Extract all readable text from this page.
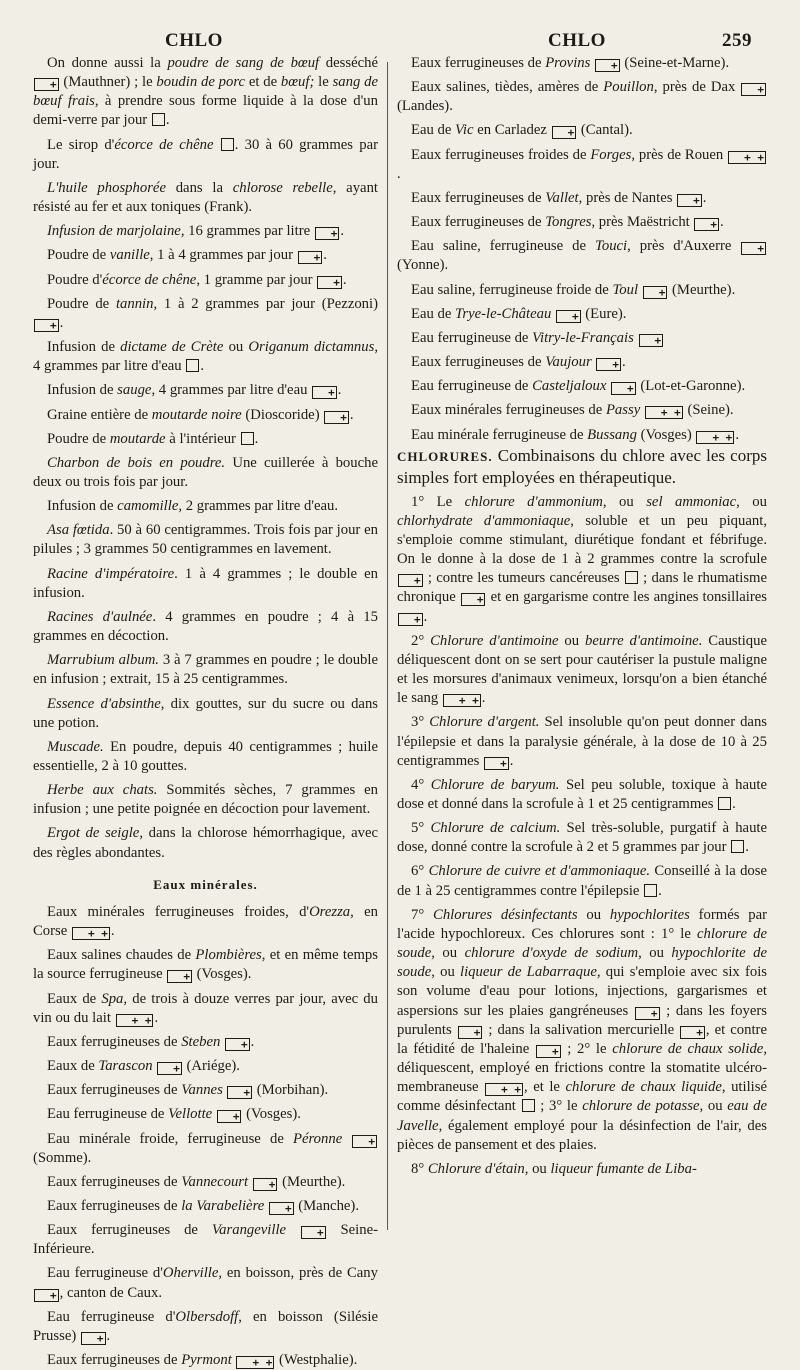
CHLO	CHLO	259

On donne aussi la poudre de sang de bœuf desséché + (Mauthner) ; le boudin de porc et de bœuf; le sang de bœuf frais, à prendre sous forme liquide à la dose d'un demi-verre par jour .

Le sirop d'écorce de chêne . 30 à 60 grammes par jour.

L'huile phosphorée dans la chlorose rebelle, ayant résisté au fer et aux toniques (Frank).

Infusion de marjolaine, 16 grammes par litre +.

Poudre de vanille, 1 à 4 grammes par jour +.

Poudre d'écorce de chêne, 1 gramme par jour +.

Poudre de tannin, 1 à 2 grammes par jour (Pezzoni) +.

Infusion de dictame de Crète ou Origanum dictamnus, 4 grammes par litre d'eau .

Infusion de sauge, 4 grammes par litre d'eau +.

Graine entière de moutarde noire (Dioscoride) +.

Poudre de moutarde à l'intérieur .

Charbon de bois en poudre. Une cuillerée à bouche deux ou trois fois par jour.

Infusion de camomille, 2 grammes par litre d'eau.

Asa fœtida. 50 à 60 centigrammes. Trois fois par jour en pilules ; 3 grammes 50 centigrammes en lavement.

Racine d'impératoire. 1 à 4 grammes ; le double en infusion.

Racines d'aulnée. 4 grammes en poudre ; 4 à 15 grammes en décoction.

Marrubium album. 3 à 7 grammes en poudre ; le double en infusion ; extrait, 15 à 25 centigrammes.

Essence d'absinthe, dix gouttes, sur du sucre ou dans une potion.

Muscade. En poudre, depuis 40 centigrammes ; huile essentielle, 2 à 10 gouttes.

Herbe aux chats. Sommités sèches, 7 grammes en infusion ; une petite poignée en décoction pour lavement.

Ergot de seigle, dans la chlorose hémorrhagique, avec des règles abondantes.

Eaux minérales.

Eaux minérales ferrugineuses froides, d'Orezza, en Corse + +	.

Eaux salines chaudes de Plombières, et en même temps la source ferrugineuse + (Vosges).

Eaux de Spa, de trois à douze verres par jour, avec du vin ou du lait + +	.

Eaux ferrugineuses de Steben + .

Eaux de Tarascon + (Ariége).

Eaux ferrugineuses de Vannes + (Morbihan).

Eau ferrugineuse de Vellotte + (Vosges).

Eau minérale froide, ferrugineuse de Péronne + (Somme).

Eaux ferrugineuses de Vannecourt + (Meurthe).

Eaux ferrugineuses de la Varabelière + (Manche).

Eaux ferrugineuses de Varangeville +	Seine-Inférieure.

Eau ferrugineuse d'Oherville, en boisson, près de Cany +, canton de Caux.

Eau ferrugineuse d'Olbersdoff, en boisson (Silésie Prusse) +.

Eaux ferrugineuses de Pyrmont + +	(Westphalie).

Eaux ferrugineuses de Provins + (Seine-et-Marne).

Eaux salines, tièdes, amères de Pouillon, près de Dax + (Landes).

Eau de Vic en Carladez + (Cantal).

Eaux ferrugineuses froides de Forges, près de Rouen + +.

Eaux ferrugineuses de Vallet, près de Nantes +.

Eaux ferrugineuses de Tongres, près Maëstricht +.

Eau saline, ferrugineuse de Touci, près d'Auxerre + (Yonne).

Eau saline, ferrugineuse froide de Toul + (Meurthe).

Eau de Trye-le-Château + (Eure).

Eau ferrugineuse de Vitry-le-Français +

Eaux ferrugineuses de Vaujour + .

Eau ferrugineuse de Casteljaloux + (Lot-et-Garonne).

Eaux minérales ferrugineuses de Passy + +	(Seine).

Eau minérale ferrugineuse de Bussang (Vosges) + +	.

CHLORURES. Combinaisons du chlore avec les corps simples fort employées en thérapeutique.

1° Le chlorure d'ammonium, ou sel ammoniac, ou chlorhydrate d'ammoniaque, soluble et un peu piquant, s'emploie comme stimulant, diurétique fondant et fébrifuge. On le donne à la dose de 1 à 2 grammes contre la scrofule + ; contre les tumeurs cancéreuses  ; dans le rhumatisme chronique + et en gargarisme contre les angines tonsillaires +.

2° Chlorure d'antimoine ou beurre d'antimoine. Caustique déliquescent dont on se sert pour cautériser la pustule maligne et les morsures d'animaux venimeux, lorsqu'on a bien étanché le sang + +	.

3° Chlorure d'argent. Sel insoluble qu'on peut donner dans l'épilepsie et dans la paralysie générale, à la dose de 10 à 25 centigrammes +.

4° Chlorure de baryum. Sel peu soluble, toxique à haute dose et donné dans la scrofule à 1 et 25 centigrammes .

5° Chlorure de calcium. Sel très-soluble, purgatif à haute dose, donné contre la scrofule à 2 et 5 grammes par jour .

6° Chlorure de cuivre et d'ammoniaque. Conseillé à la dose de 1 à 25 centigrammes contre l'épilepsie .

7° Chlorures désinfectants ou hypochlorites formés par l'acide hypochloreux. Ces chlorures sont : 1° le chlorure de soude, ou chlorure d'oxyde de sodium, ou hypochlorite de soude, ou liqueur de Labarraque, qui s'emploie avec six fois son volume d'eau pour lotions, injections, gargarismes et aspersions sur les plaies gangréneuses + ; dans les foyers purulents + ; dans la salivation mercurielle +, et contre la fétidité de l'haleine + ; 2° le chlorure de chaux solide, déliquescent, employé en frictions contre la stomatite ulcéro-membraneuse + +	, et le chlorure de chaux liquide, utilisé comme désinfectant  ; 3° le chlorure de potasse, ou eau de Javelle, également employé pour la désinfection de l'air, des pièces de pansement et des plaies.

8° Chlorure d'étain, ou liqueur fumante de Liba-
